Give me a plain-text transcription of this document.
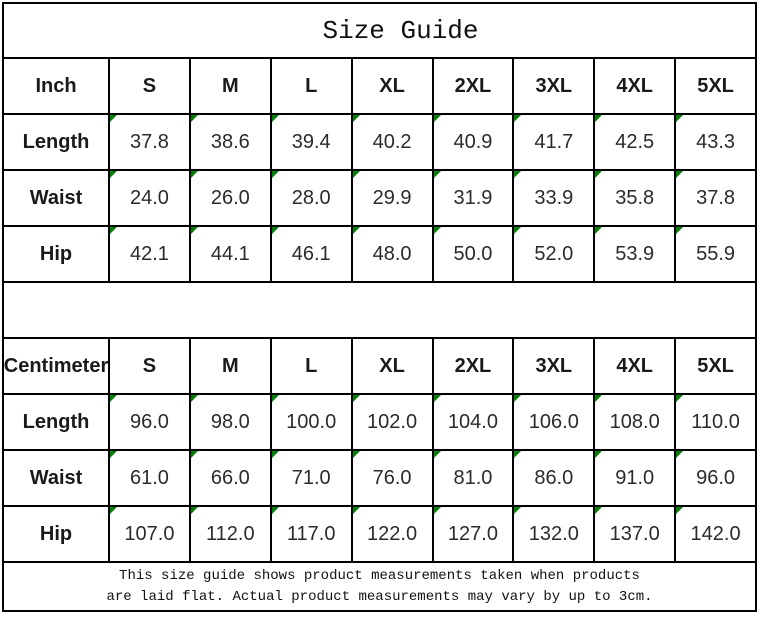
Size Guide
Inch	S	M	L	XL	2XL	3XL	4XL	5XL
Length	37.8	38.6	39.4	40.2	40.9	41.7	42.5	43.3
Waist	24.0	26.0	28.0	29.9	31.9	33.9	35.8	37.8
Hip	42.1	44.1	46.1	48.0	50.0	52.0	53.9	55.9
Centimeter	S	M	L	XL	2XL	3XL	4XL	5XL
Length	96.0	98.0	100.0	102.0	104.0	106.0	108.0	110.0
Waist	61.0	66.0	71.0	76.0	81.0	86.0	91.0	96.0
Hip	107.0	112.0	117.0	122.0	127.0	132.0	137.0	142.0
This size guide shows product measurements taken when products
are laid flat. Actual product measurements may vary by up to 3cm.
